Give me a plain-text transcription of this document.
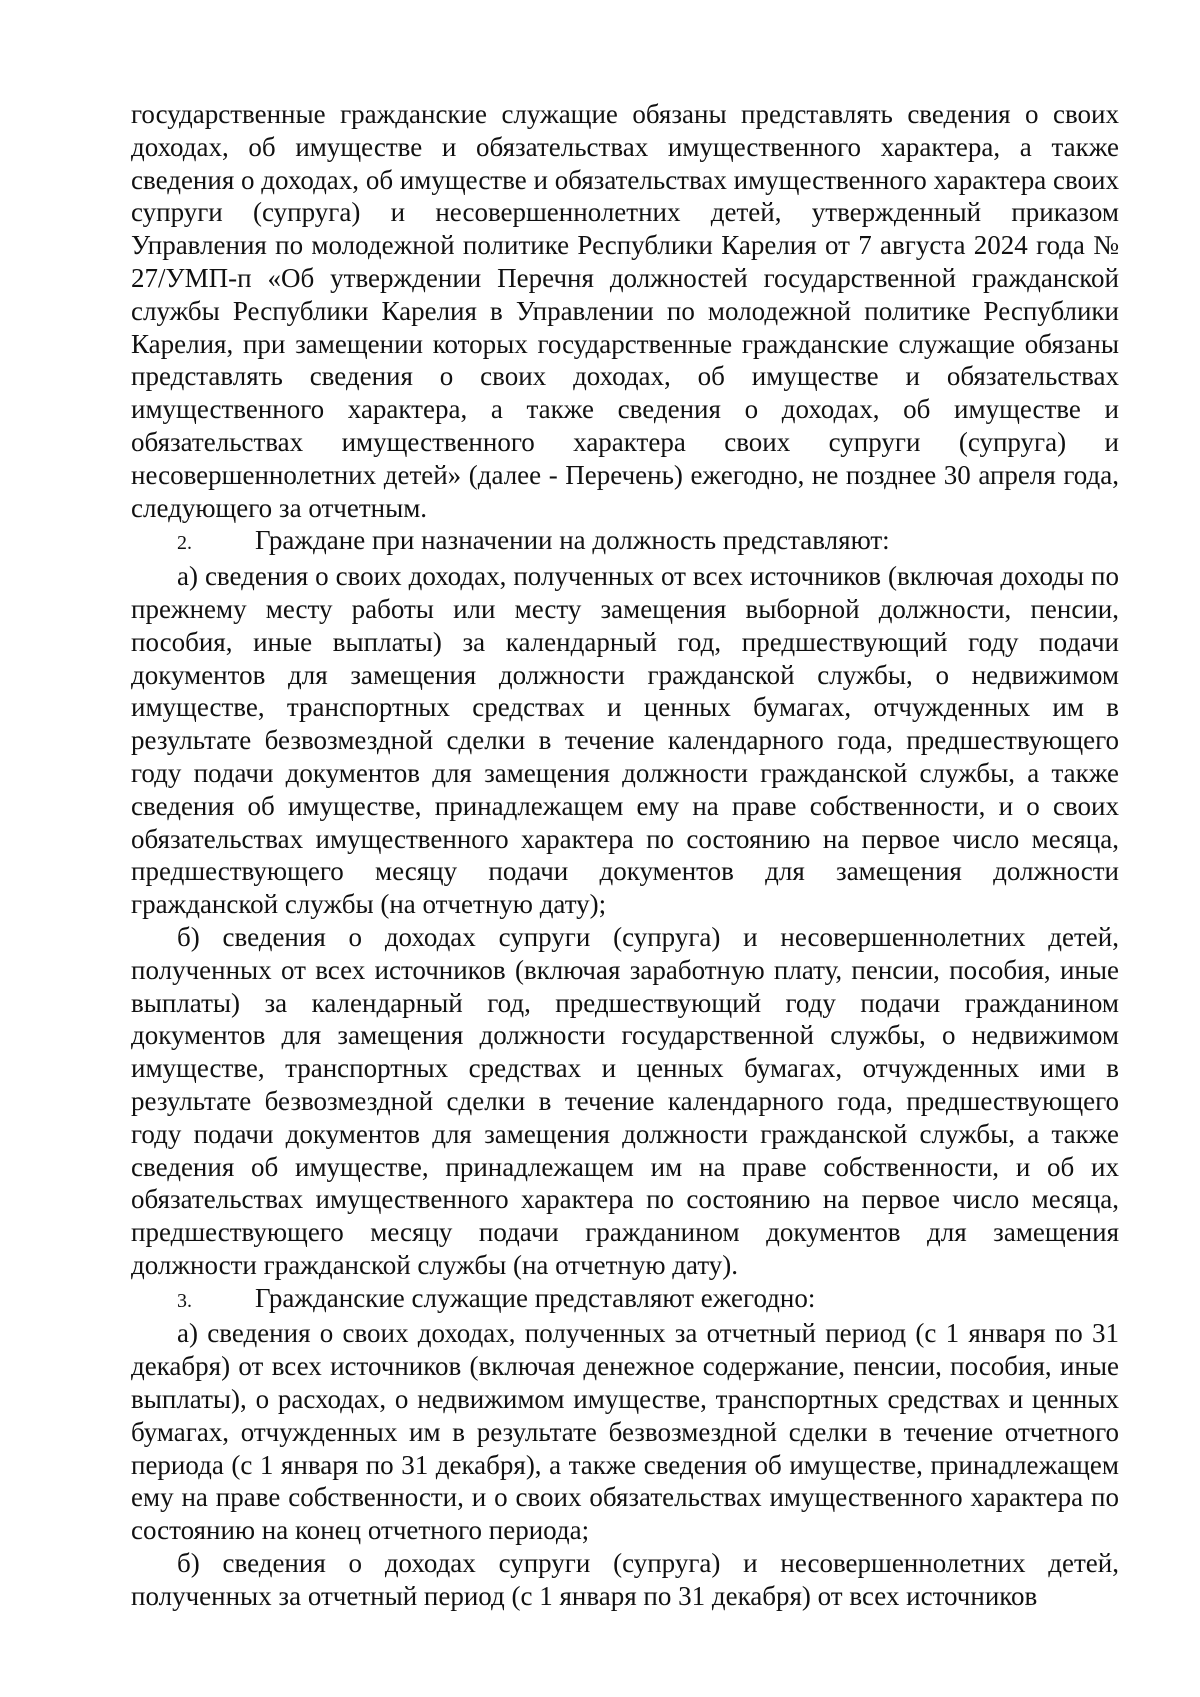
государственные гражданские служащие обязаны представлять сведения о своих доходах, об имуществе и обязательствах имущественного характера, а также сведения о доходах, об имуществе и обязательствах имущественного характера своих супруги (супруга) и несовершеннолетних детей, утвержденный приказом Управления по молодежной политике Республики Карелия от 7 августа 2024 года № 27/УМП-п «Об утверждении Перечня должностей государственной гражданской службы Республики Карелия в Управлении по молодежной политике Республики Карелия, при замещении которых государственные гражданские служащие обязаны представлять сведения о своих доходах, об имуществе и обязательствах имущественного характера, а также сведения о доходах, об имуществе и обязательствах имущественного характера своих супруги (супруга) и несовершеннолетних детей» (далее - Перечень) ежегодно, не позднее 30 апреля года, следующего за отчетным.

2. Граждане при назначении на должность представляют:

а) сведения о своих доходах, полученных от всех источников (включая доходы по прежнему месту работы или месту замещения выборной должности, пенсии, пособия, иные выплаты) за календарный год, предшествующий году подачи документов для замещения должности гражданской службы, о недвижимом имуществе, транспортных средствах и ценных бумагах, отчужденных им в результате безвозмездной сделки в течение календарного года, предшествующего году подачи документов для замещения должности гражданской службы, а также сведения об имуществе, принадлежащем ему на праве собственности, и о своих обязательствах имущественного характера по состоянию на первое число месяца, предшествующего месяцу подачи документов для замещения должности гражданской службы (на отчетную дату);

б) сведения о доходах супруги (супруга) и несовершеннолетних детей, полученных от всех источников (включая заработную плату, пенсии, пособия, иные выплаты) за календарный год, предшествующий году подачи гражданином документов для замещения должности государственной службы, о недвижимом имуществе, транспортных средствах и ценных бумагах, отчужденных ими в результате безвозмездной сделки в течение календарного года, предшествующего году подачи документов для замещения должности гражданской службы, а также сведения об имуществе, принадлежащем им на праве собственности, и об их обязательствах имущественного характера по состоянию на первое число месяца, предшествующего месяцу подачи гражданином документов для замещения должности гражданской службы (на отчетную дату).

3. Гражданские служащие представляют ежегодно:

а) сведения о своих доходах, полученных за отчетный период (с 1 января по 31 декабря) от всех источников (включая денежное содержание, пенсии, пособия, иные выплаты), о расходах, о недвижимом имуществе, транспортных средствах и ценных бумагах, отчужденных им в результате безвозмездной сделки в течение отчетного периода (с 1 января по 31 декабря), а также сведения об имуществе, принадлежащем ему на праве собственности, и о своих обязательствах имущественного характера по состоянию на конец отчетного периода;

б) сведения о доходах супруги (супруга) и несовершеннолетних детей, полученных за отчетный период (с 1 января по 31 декабря) от всех источников
